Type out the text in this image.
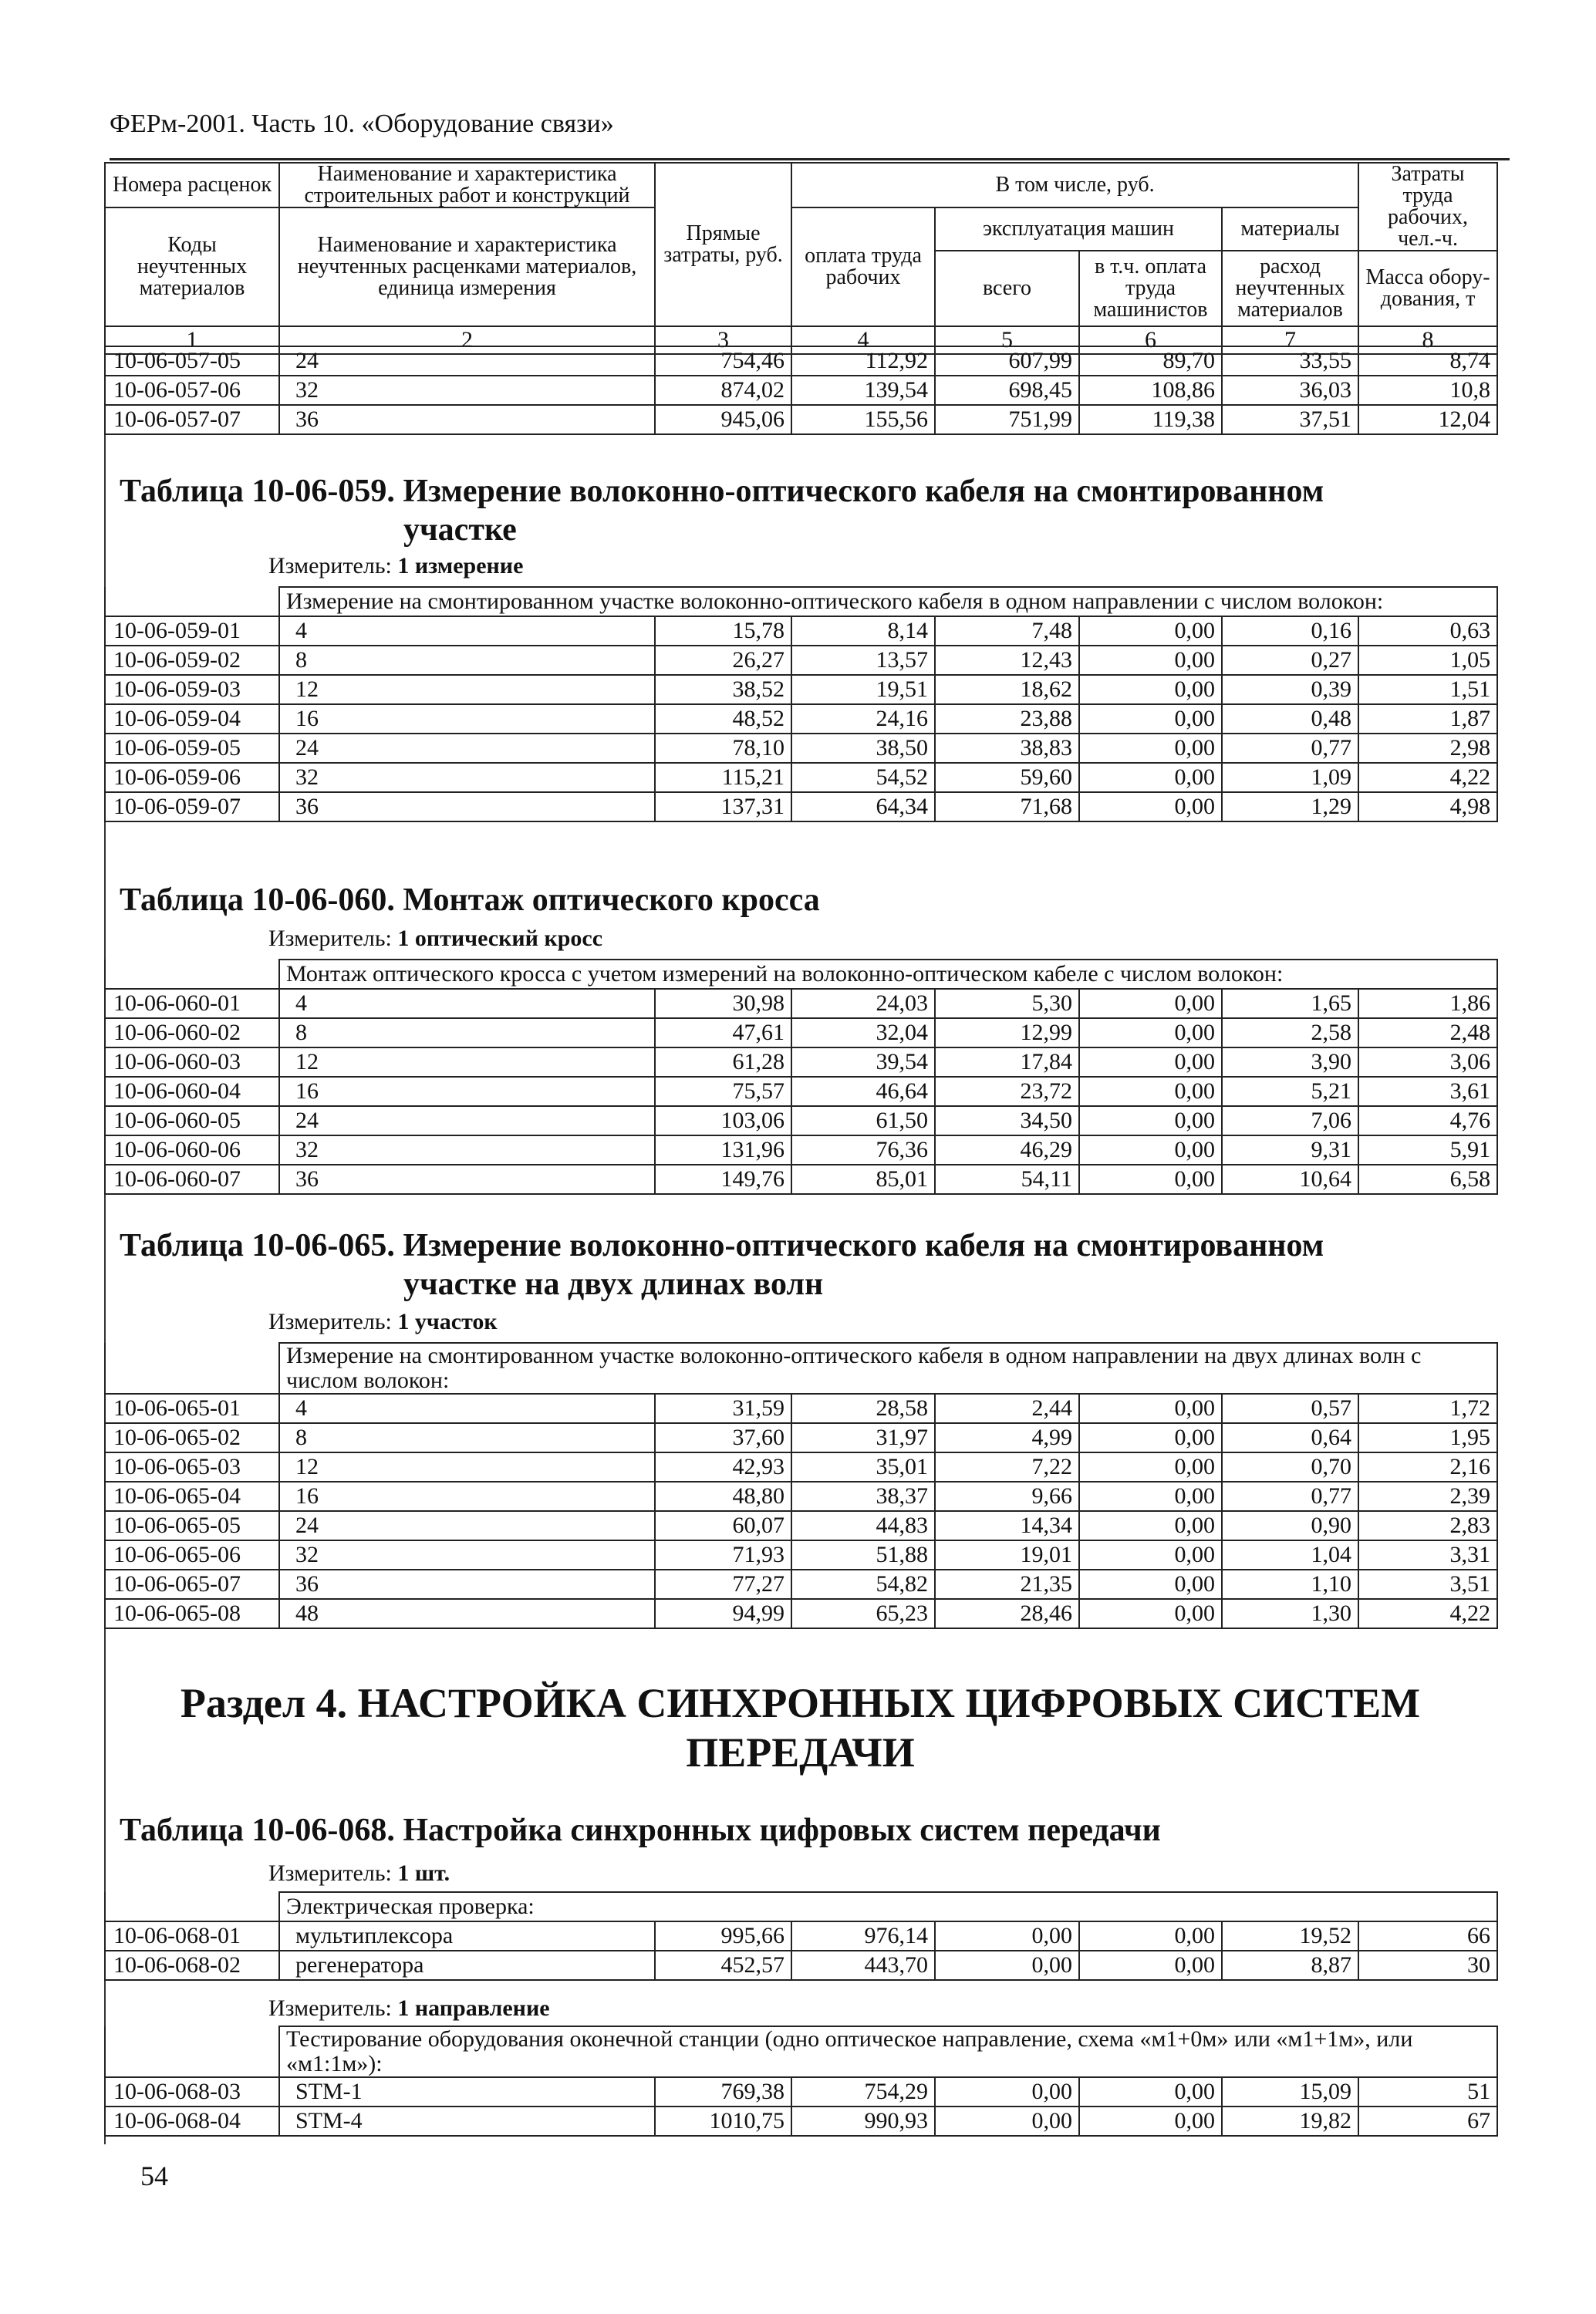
ФЕРм-2001. Часть 10. «Оборудование связи»
Номера расценок	Наименование и характеристика строительных работ и конструкций	Прямые затраты, руб.	В том числе, руб.				Затраты труда рабочих, чел.-ч.
Коды неучтенных материалов	Наименование и характеристика неучтенных расценками материалов, единица измерения		оплата труда рабочих	эксплуатация машин		материалы	
				всего	в т.ч. оплата труда машинистов	расход неучтенных материалов	Масса обору-дования, т
1	2	3	4	5	6	7	8
10-06-057-05	24	754,46	112,92	607,99	89,70	33,55	8,74
10-06-057-06	32	874,02	139,54	698,45	108,86	36,03	10,8
10-06-057-07	36	945,06	155,56	751,99	119,38	37,51	12,04
Таблица 10-06-059. Измерение волоконно-оптического кабеля на смонтированном
участке
Измеритель: 1 измерение
	Измерение на смонтированном участке волоконно-оптического кабеля в одном направлении с числом волокон:						
10-06-059-01	4	15,78	8,14	7,48	0,00	0,16	0,63
10-06-059-02	8	26,27	13,57	12,43	0,00	0,27	1,05
10-06-059-03	12	38,52	19,51	18,62	0,00	0,39	1,51
10-06-059-04	16	48,52	24,16	23,88	0,00	0,48	1,87
10-06-059-05	24	78,10	38,50	38,83	0,00	0,77	2,98
10-06-059-06	32	115,21	54,52	59,60	0,00	1,09	4,22
10-06-059-07	36	137,31	64,34	71,68	0,00	1,29	4,98
Таблица 10-06-060. Монтаж оптического кросса
Измеритель: 1 оптический кросс
	Монтаж оптического кросса с учетом измерений на волоконно-оптическом кабеле с числом волокон:						
10-06-060-01	4	30,98	24,03	5,30	0,00	1,65	1,86
10-06-060-02	8	47,61	32,04	12,99	0,00	2,58	2,48
10-06-060-03	12	61,28	39,54	17,84	0,00	3,90	3,06
10-06-060-04	16	75,57	46,64	23,72	0,00	5,21	3,61
10-06-060-05	24	103,06	61,50	34,50	0,00	7,06	4,76
10-06-060-06	32	131,96	76,36	46,29	0,00	9,31	5,91
10-06-060-07	36	149,76	85,01	54,11	0,00	10,64	6,58
Таблица 10-06-065. Измерение волоконно-оптического кабеля на смонтированном
участке на двух длинах волн
Измеритель: 1 участок
	Измерение на смонтированном участке волоконно-оптического кабеля в одном направлении на двух длинах волн с числом волокон:						
10-06-065-01	4	31,59	28,58	2,44	0,00	0,57	1,72
10-06-065-02	8	37,60	31,97	4,99	0,00	0,64	1,95
10-06-065-03	12	42,93	35,01	7,22	0,00	0,70	2,16
10-06-065-04	16	48,80	38,37	9,66	0,00	0,77	2,39
10-06-065-05	24	60,07	44,83	14,34	0,00	0,90	2,83
10-06-065-06	32	71,93	51,88	19,01	0,00	1,04	3,31
10-06-065-07	36	77,27	54,82	21,35	0,00	1,10	3,51
10-06-065-08	48	94,99	65,23	28,46	0,00	1,30	4,22
Раздел 4. НАСТРОЙКА СИНХРОННЫХ ЦИФРОВЫХ СИСТЕМ
ПЕРЕДАЧИ
Таблица 10-06-068. Настройка синхронных цифровых систем передачи
Измеритель: 1 шт.
	Электрическая проверка:						
10-06-068-01	мультиплексора	995,66	976,14	0,00	0,00	19,52	66
10-06-068-02	регенератора	452,57	443,70	0,00	0,00	8,87	30
Измеритель: 1 направление
	Тестирование оборудования оконечной станции (одно оптическое направление, схема «м1+0м» или «м1+1м», или «м1:1м»):						
10-06-068-03	STM-1	769,38	754,29	0,00	0,00	15,09	51
10-06-068-04	STM-4	1010,75	990,93	0,00	0,00	19,82	67
54
